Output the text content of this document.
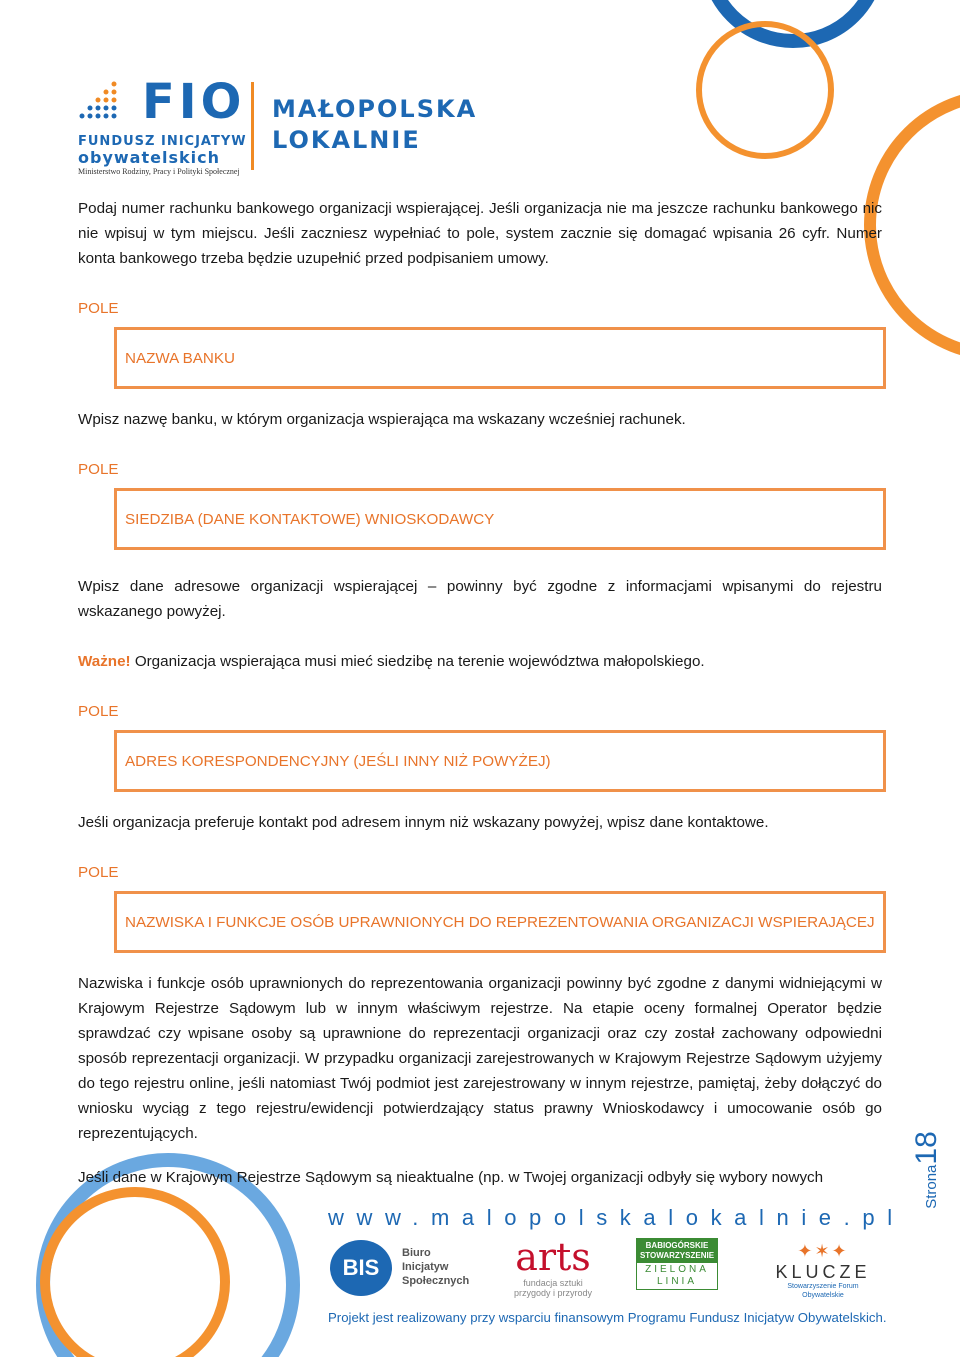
FIO
FUNDUSZ INICJATYW
obywatelskich
Ministerstwo Rodziny, Pracy i Polityki Społecznej
MAŁOPOLSKA
LOKALNIE

Podaj numer rachunku bankowego organizacji wspierającej. Jeśli organizacja nie ma jeszcze rachunku bankowego nic nie wpisuj w tym miejscu. Jeśli zaczniesz wypełniać to pole, system zacznie się domagać wpisania 26 cyfr. Numer konta bankowego trzeba będzie uzupełnić przed podpisaniem umowy.

POLE

NAZWA BANKU

Wpisz nazwę banku, w którym organizacja wspierająca ma wskazany wcześniej rachunek.

POLE

SIEDZIBA (DANE KONTAKTOWE) WNIOSKODAWCY

Wpisz dane adresowe organizacji wspierającej – powinny być zgodne z informacjami wpisanymi do rejestru wskazanego powyżej.

Ważne! Organizacja wspierająca musi mieć siedzibę na terenie województwa małopolskiego.

POLE

ADRES KORESPONDENCYJNY (JEŚLI INNY NIŻ POWYŻEJ)

Jeśli organizacja preferuje kontakt pod adresem innym niż wskazany powyżej, wpisz dane kontaktowe.

POLE

NAZWISKA I FUNKCJE OSÓB UPRAWNIONYCH DO REPREZENTOWANIA ORGANIZACJI WSPIERAJĄCEJ

Nazwiska i funkcje osób uprawnionych do reprezentowania organizacji powinny być zgodne z danymi widniejącymi w Krajowym Rejestrze Sądowym lub w innym właściwym rejestrze. Na etapie oceny formalnej Operator będzie sprawdzać czy wpisane osoby są uprawnione do reprezentacji organizacji oraz czy został zachowany odpowiedni sposób reprezentacji organizacji. W przypadku organizacji zarejestrowanych w Krajowym Rejestrze Sądowym użyjemy do tego rejestru online, jeśli natomiast Twój podmiot jest zarejestrowany w innym rejestrze, pamiętaj, żeby dołączyć do wniosku wyciąg z tego rejestru/ewidencji potwierdzający status prawny Wnioskodawcy i umocowanie osób go reprezentujących.

Jeśli dane w Krajowym Rejestrze Sądowym są nieaktualne (np. w Twojej organizacji odbyły się wybory nowych	Strona18
www.malopolskalokalnie.pl
BIS
Biuro
Inicjatyw
Społecznych
arts
fundacja sztuki
przygody i przyrody
BABIOGÓRSKIE STOWARZYSZENIE
ZIELONA
LINIA
✦✶✦
KLUCZE
Stowarzyszenie Forum Obywatelskie
Projekt jest realizowany przy wsparciu finansowym Programu Fundusz Inicjatyw Obywatelskich.
